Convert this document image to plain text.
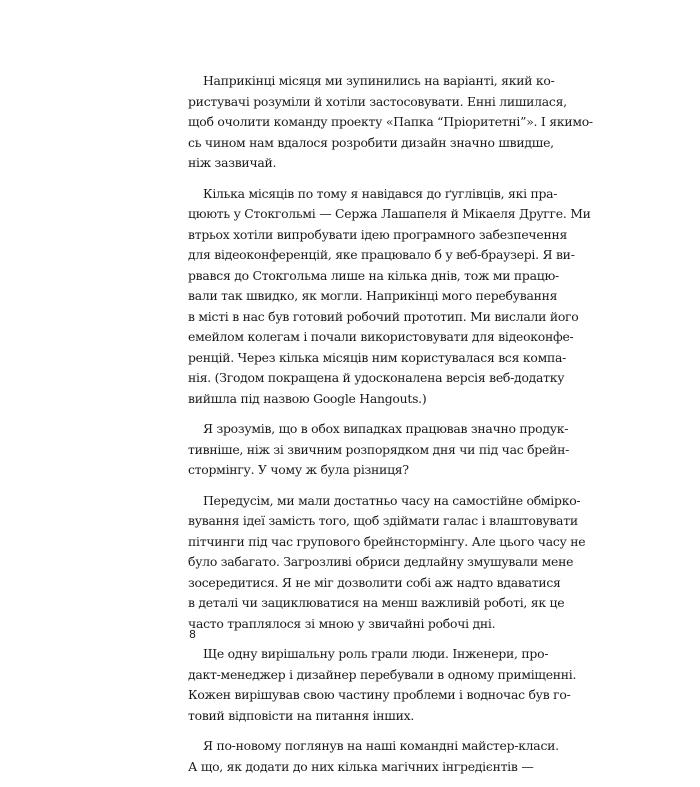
Наприкінці місяця ми зупинились на варіанті, який ко-
ристувачі розуміли й хотіли застосовувати. Енні лишилася,
щоб очолити команду проекту «Папка “Пріоритетні”». І якимо-
сь чином нам вдалося розробити дизайн значно швидше,
ніж зазвичай.
Кілька місяців по тому я навідався до ґуглівців, які пра-
цюють у Стокгольмі — Сержа Лашапеля й Мікаеля Дрyгге. Ми
втрьох хотіли випробувати ідею програмного забезпечення
для відеоконференцій, яке працювало б у веб-браузері. Я ви-
рвався до Стокгольма лише на кілька днів, тож ми працю-
вали так швидко, як могли. Наприкінці мого перебування
в місті в нас був готовий робочий прототип. Ми вислали його
емейлом колегам і почали використовувати для відеоконфе-
ренцій. Через кілька місяців ним користувалася вся компа-
нія. (Згодом покращена й удосконалена версія веб-додатку
вийшла під назвою Google Hangouts.)
Я зрозумів, що в обох випадках працював значно продук-
тивніше, ніж зі звичним розпорядком дня чи під час брейн-
стормінгу. У чому ж була різниця?
Передусім, ми мали достатньо часу на самостійне обмірко-
вування ідеї замість того, щоб здіймати галас і влаштовувати
пітчинги під час групового брейнстормінгу. Але цього часу не
було забагато. Загрозливі обриси дедлайну змушували мене
зосередитися. Я не міг дозволити собі аж надто вдаватися
в деталі чи зациклюватися на менш важливій роботі, як це
часто траплялося зі мною у звичайні робочі дні.
Ще одну вирішальну роль грали люди. Інженери, про-
дакт-менеджер і дизайнер перебували в одному приміщенні.
Кожен вирішував свою частину проблеми і водночас був го-
товий відповісти на питання інших.
Я по-новому поглянув на наші командні майстер-класи.
А що, як додати до них кілька магічних інгредієнтів —
8
